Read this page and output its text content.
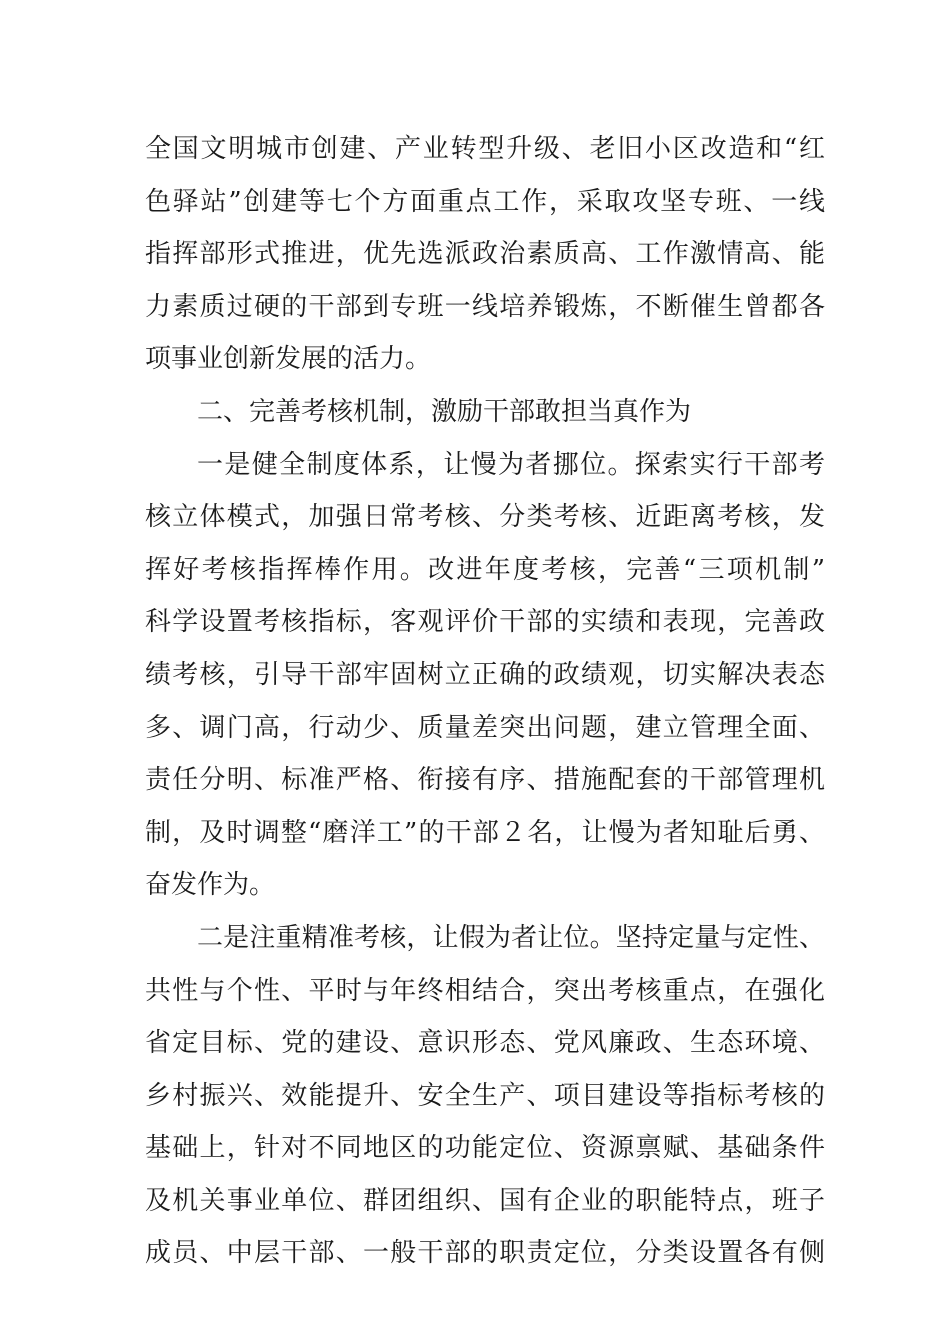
全国文明城市创建、产业转型升级、老旧小区改造和“红
色驿站”创建等七个方面重点工作，采取攻坚专班、一线
指挥部形式推进，优先选派政治素质高、工作激情高、能
力素质过硬的干部到专班一线培养锻炼，不断催生曾都各
项事业创新发展的活力。
二、完善考核机制，激励干部敢担当真作为
一是健全制度体系，让慢为者挪位。探索实行干部考
核立体模式，加强日常考核、分类考核、近距离考核，发
挥好考核指挥棒作用。改进年度考核，完善“三项机制”
科学设置考核指标，客观评价干部的实绩和表现，完善政
绩考核，引导干部牢固树立正确的政绩观，切实解决表态
多、调门高，行动少、质量差突出问题，建立管理全面、
责任分明、标准严格、衔接有序、措施配套的干部管理机
制，及时调整“磨洋工”的干部２名，让慢为者知耻后勇、
奋发作为。
二是注重精准考核，让假为者让位。坚持定量与定性、
共性与个性、平时与年终相结合，突出考核重点，在强化
省定目标、党的建设、意识形态、党风廉政、生态环境、
乡村振兴、效能提升、安全生产、项目建设等指标考核的
基础上，针对不同地区的功能定位、资源禀赋、基础条件
及机关事业单位、群团组织、国有企业的职能特点，班子
成员、中层干部、一般干部的职责定位，分类设置各有侧
